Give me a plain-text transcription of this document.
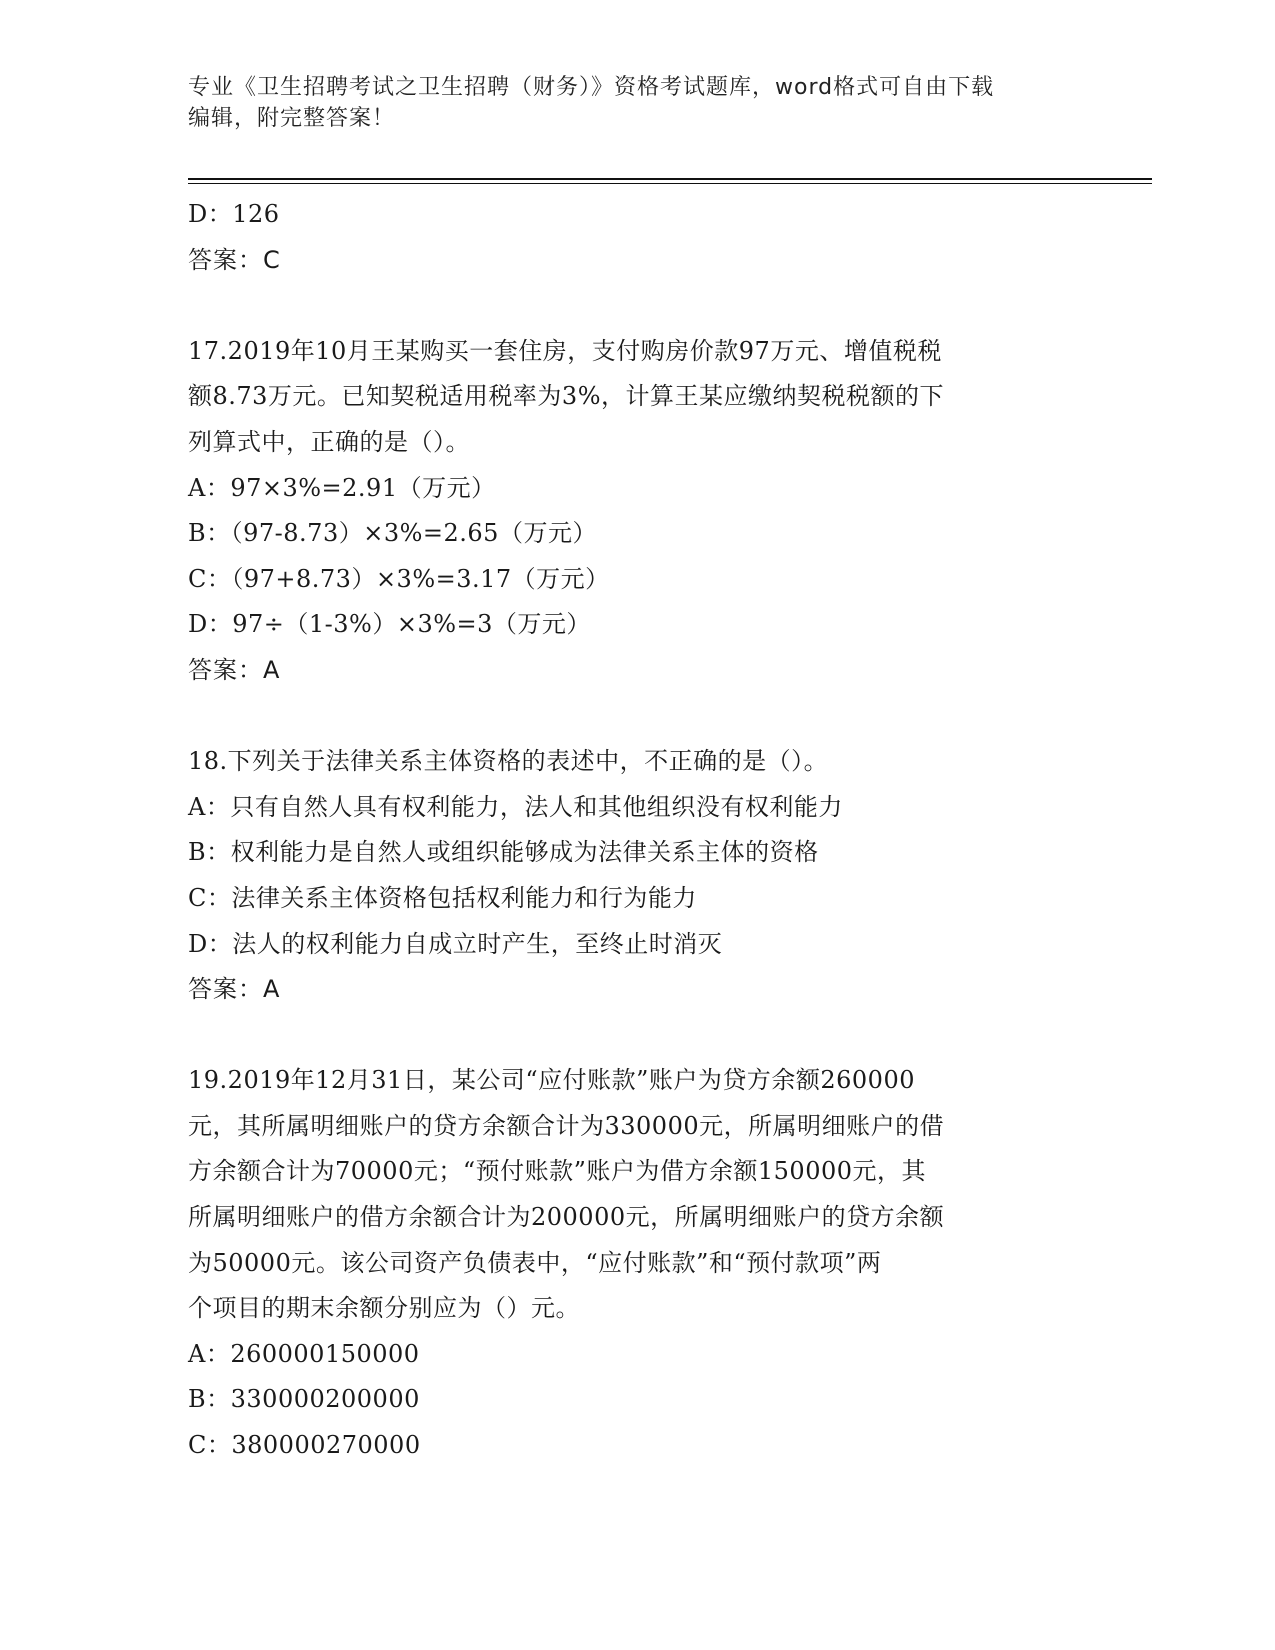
专业《卫生招聘考试之卫生招聘（财务）》资格考试题库，word格式可自由下载
编辑，附完整答案！
D：126
答案：C
17.2019年10月王某购买一套住房，支付购房价款97万元、增值税税
额8.73万元。已知契税适用税率为3%，计算王某应缴纳契税税额的下
列算式中，正确的是（）。
A：97×3%=2.91（万元）
B：（97-8.73）×3%=2.65（万元）
C：（97+8.73）×3%=3.17（万元）
D：97÷（1-3%）×3%=3（万元）
答案：A
18.下列关于法律关系主体资格的表述中，不正确的是（）。
A：只有自然人具有权利能力，法人和其他组织没有权利能力
B：权利能力是自然人或组织能够成为法律关系主体的资格
C：法律关系主体资格包括权利能力和行为能力
D：法人的权利能力自成立时产生，至终止时消灭
答案：A
19.2019年12月31日，某公司“应付账款”账户为贷方余额260000
元，其所属明细账户的贷方余额合计为330000元，所属明细账户的借
方余额合计为70000元；“预付账款”账户为借方余额150000元，其
所属明细账户的借方余额合计为200000元，所属明细账户的贷方余额
为50000元。该公司资产负债表中，“应付账款”和“预付款项”两
个项目的期末余额分别应为（）元。
A：260000150000
B：330000200000
C：380000270000
